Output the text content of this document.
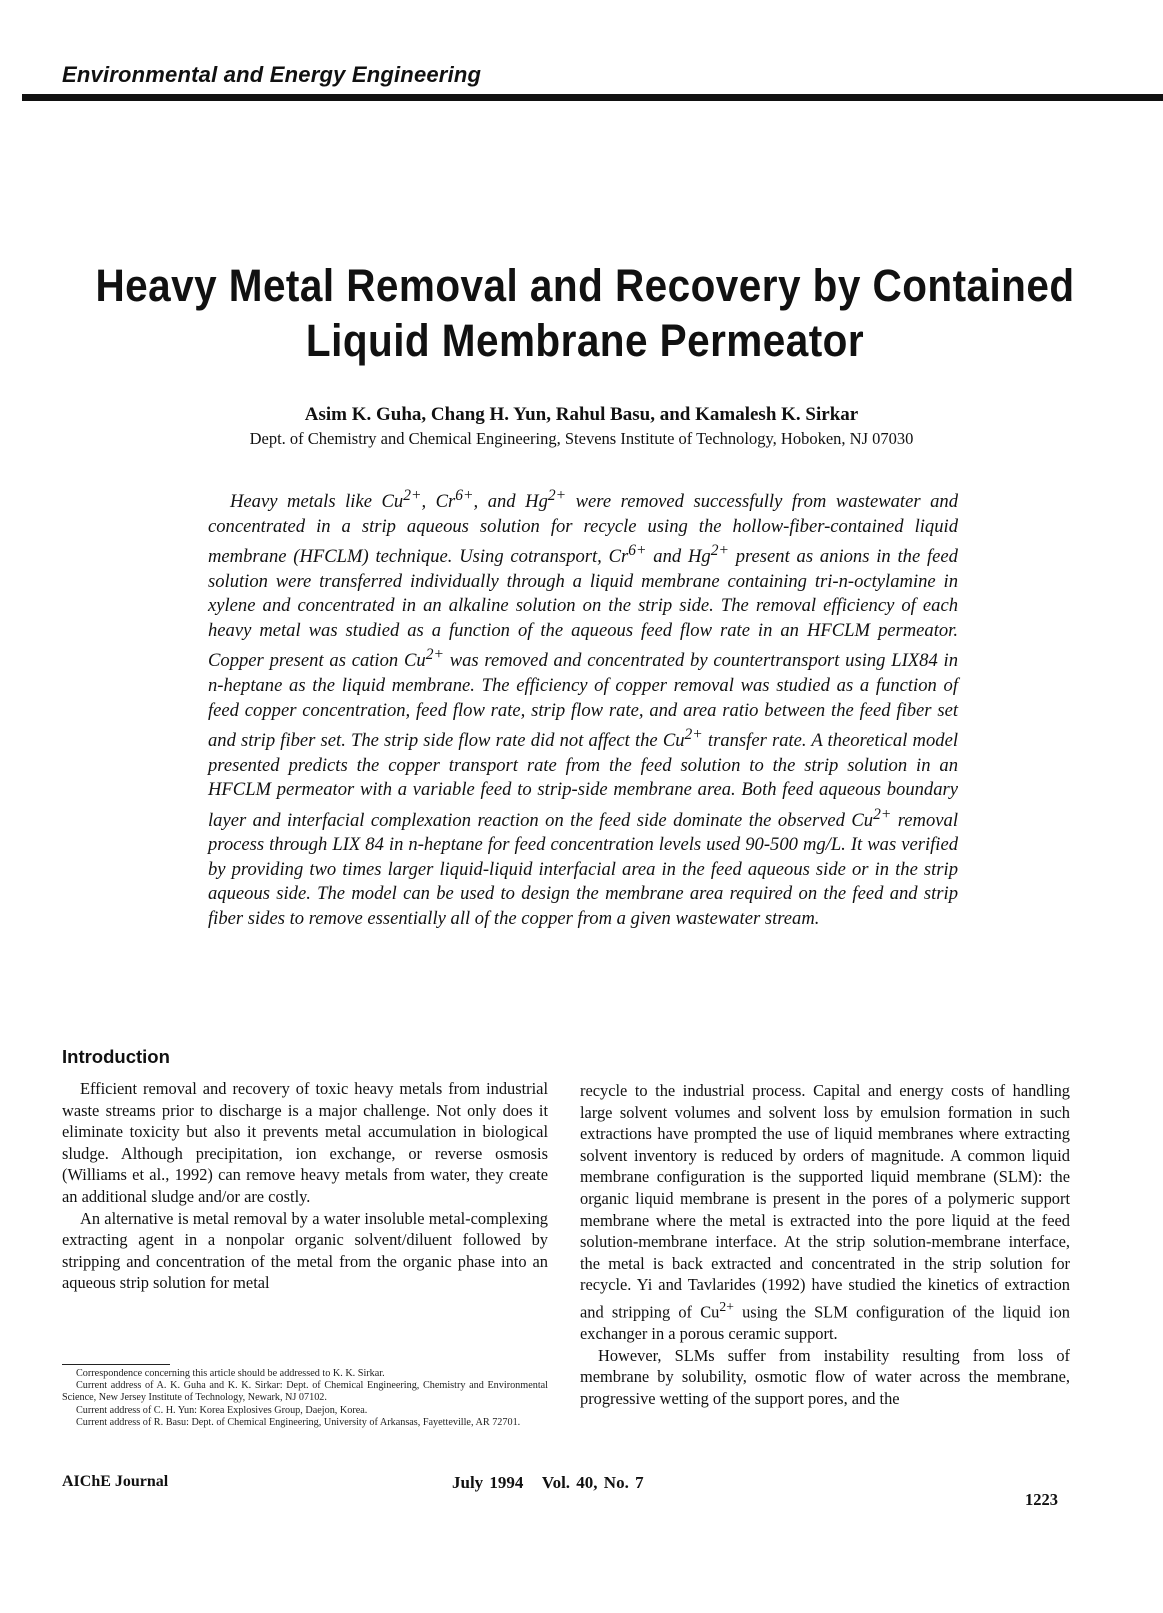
Environmental and Energy Engineering
Heavy Metal Removal and Recovery by Contained
Liquid Membrane Permeator
Asim K. Guha, Chang H. Yun, Rahul Basu, and Kamalesh K. Sirkar
Dept. of Chemistry and Chemical Engineering, Stevens Institute of Technology, Hoboken, NJ 07030

Heavy metals like $Cu^{2+}$, $Cr^{6+}$, and $Hg^{2+}$ were removed successfully from wastewater and concentrated in a strip aqueous solution for recycle using the hollow-fiber-contained liquid membrane (HFCLM) technique. Using cotransport, $Cr^{6+}$ and $Hg^{2+}$ present as anions in the feed solution were transferred individually through a liquid membrane containing tri-n-octylamine in xylene and concentrated in an alkaline solution on the strip side. The removal efficiency of each heavy metal was studied as a function of the aqueous feed flow rate in an HFCLM permeator. Copper present as cation $Cu^{2+}$ was removed and concentrated by countertransport using LIX84 in n-heptane as the liquid membrane. The efficiency of copper removal was studied as a function of feed copper concentration, feed flow rate, strip flow rate, and area ratio between the feed fiber set and strip fiber set. The strip side flow rate did not affect the $Cu^{2+}$ transfer rate. A theoretical model presented predicts the copper transport rate from the feed solution to the strip solution in an HFCLM permeator with a variable feed to strip-side membrane area. Both feed aqueous boundary layer and interfacial complexation reaction on the feed side dominate the observed $Cu^{2+}$ removal process through LIX 84 in n-heptane for feed concentration levels used 90-500 mg/L. It was verified by providing two times larger liquid-liquid interfacial area in the feed aqueous side or in the strip aqueous side. The model can be used to design the membrane area required on the feed and strip fiber sides to remove essentially all of the copper from a given wastewater stream.

Introduction

Efficient removal and recovery of toxic heavy metals from industrial waste streams prior to discharge is a major challenge. Not only does it eliminate toxicity but also it prevents metal accumulation in biological sludge. Although precipitation, ion exchange, or reverse osmosis (Williams et al., 1992) can remove heavy metals from water, they create an additional sludge and/or are costly.

An alternative is metal removal by a water insoluble metal-complexing extracting agent in a nonpolar organic solvent/diluent followed by stripping and concentration of the metal from the organic phase into an aqueous strip solution for metal

recycle to the industrial process. Capital and energy costs of handling large solvent volumes and solvent loss by emulsion formation in such extractions have prompted the use of liquid membranes where extracting solvent inventory is reduced by orders of magnitude. A common liquid membrane configuration is the supported liquid membrane (SLM): the organic liquid membrane is present in the pores of a polymeric support membrane where the metal is extracted into the pore liquid at the feed solution-membrane interface. At the strip solution-membrane interface, the metal is back extracted and concentrated in the strip solution for recycle. Yi and Tavlarides (1992) have studied the kinetics of extraction and stripping of $Cu^{2+}$ using the SLM configuration of the liquid ion exchanger in a porous ceramic support.

However, SLMs suffer from instability resulting from loss of membrane by solubility, osmotic flow of water across the membrane, progressive wetting of the support pores, and the

Correspondence concerning this article should be addressed to K. K. Sirkar.

Current address of A. K. Guha and K. K. Sirkar: Dept. of Chemical Engineering, Chemistry and Environmental Science, New Jersey Institute of Technology, Newark, NJ 07102.

Current address of C. H. Yun: Korea Explosives Group, Daejon, Korea.

Current address of R. Basu: Dept. of Chemical Engineering, University of Arkansas, Fayetteville, AR 72701.

AIChE Journal	July 1994   Vol. 40, No. 7

1223
